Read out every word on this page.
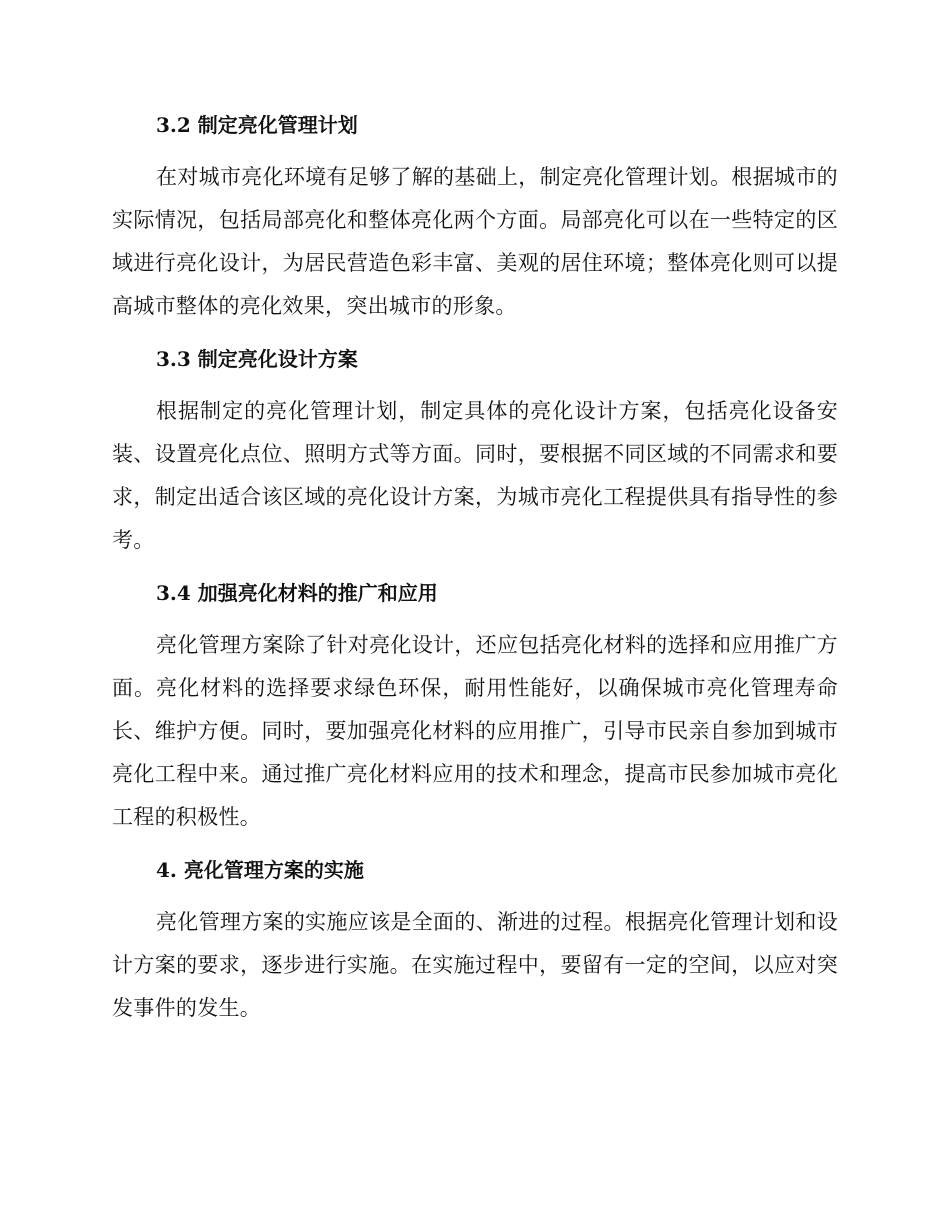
3.2 制定亮化管理计划

在对城市亮化环境有足够了解的基础上，制定亮化管理计划。根据城市的实际情况，包括局部亮化和整体亮化两个方面。局部亮化可以在一些特定的区域进行亮化设计，为居民营造色彩丰富、美观的居住环境；整体亮化则可以提高城市整体的亮化效果，突出城市的形象。

3.3 制定亮化设计方案

根据制定的亮化管理计划，制定具体的亮化设计方案，包括亮化设备安装、设置亮化点位、照明方式等方面。同时，要根据不同区域的不同需求和要求，制定出适合该区域的亮化设计方案，为城市亮化工程提供具有指导性的参考。

3.4 加强亮化材料的推广和应用

亮化管理方案除了针对亮化设计，还应包括亮化材料的选择和应用推广方面。亮化材料的选择要求绿色环保，耐用性能好，以确保城市亮化管理寿命长、维护方便。同时，要加强亮化材料的应用推广，引导市民亲自参加到城市亮化工程中来。通过推广亮化材料应用的技术和理念，提高市民参加城市亮化工程的积极性。

4. 亮化管理方案的实施

亮化管理方案的实施应该是全面的、渐进的过程。根据亮化管理计划和设计方案的要求，逐步进行实施。在实施过程中，要留有一定的空间，以应对突发事件的发生。
